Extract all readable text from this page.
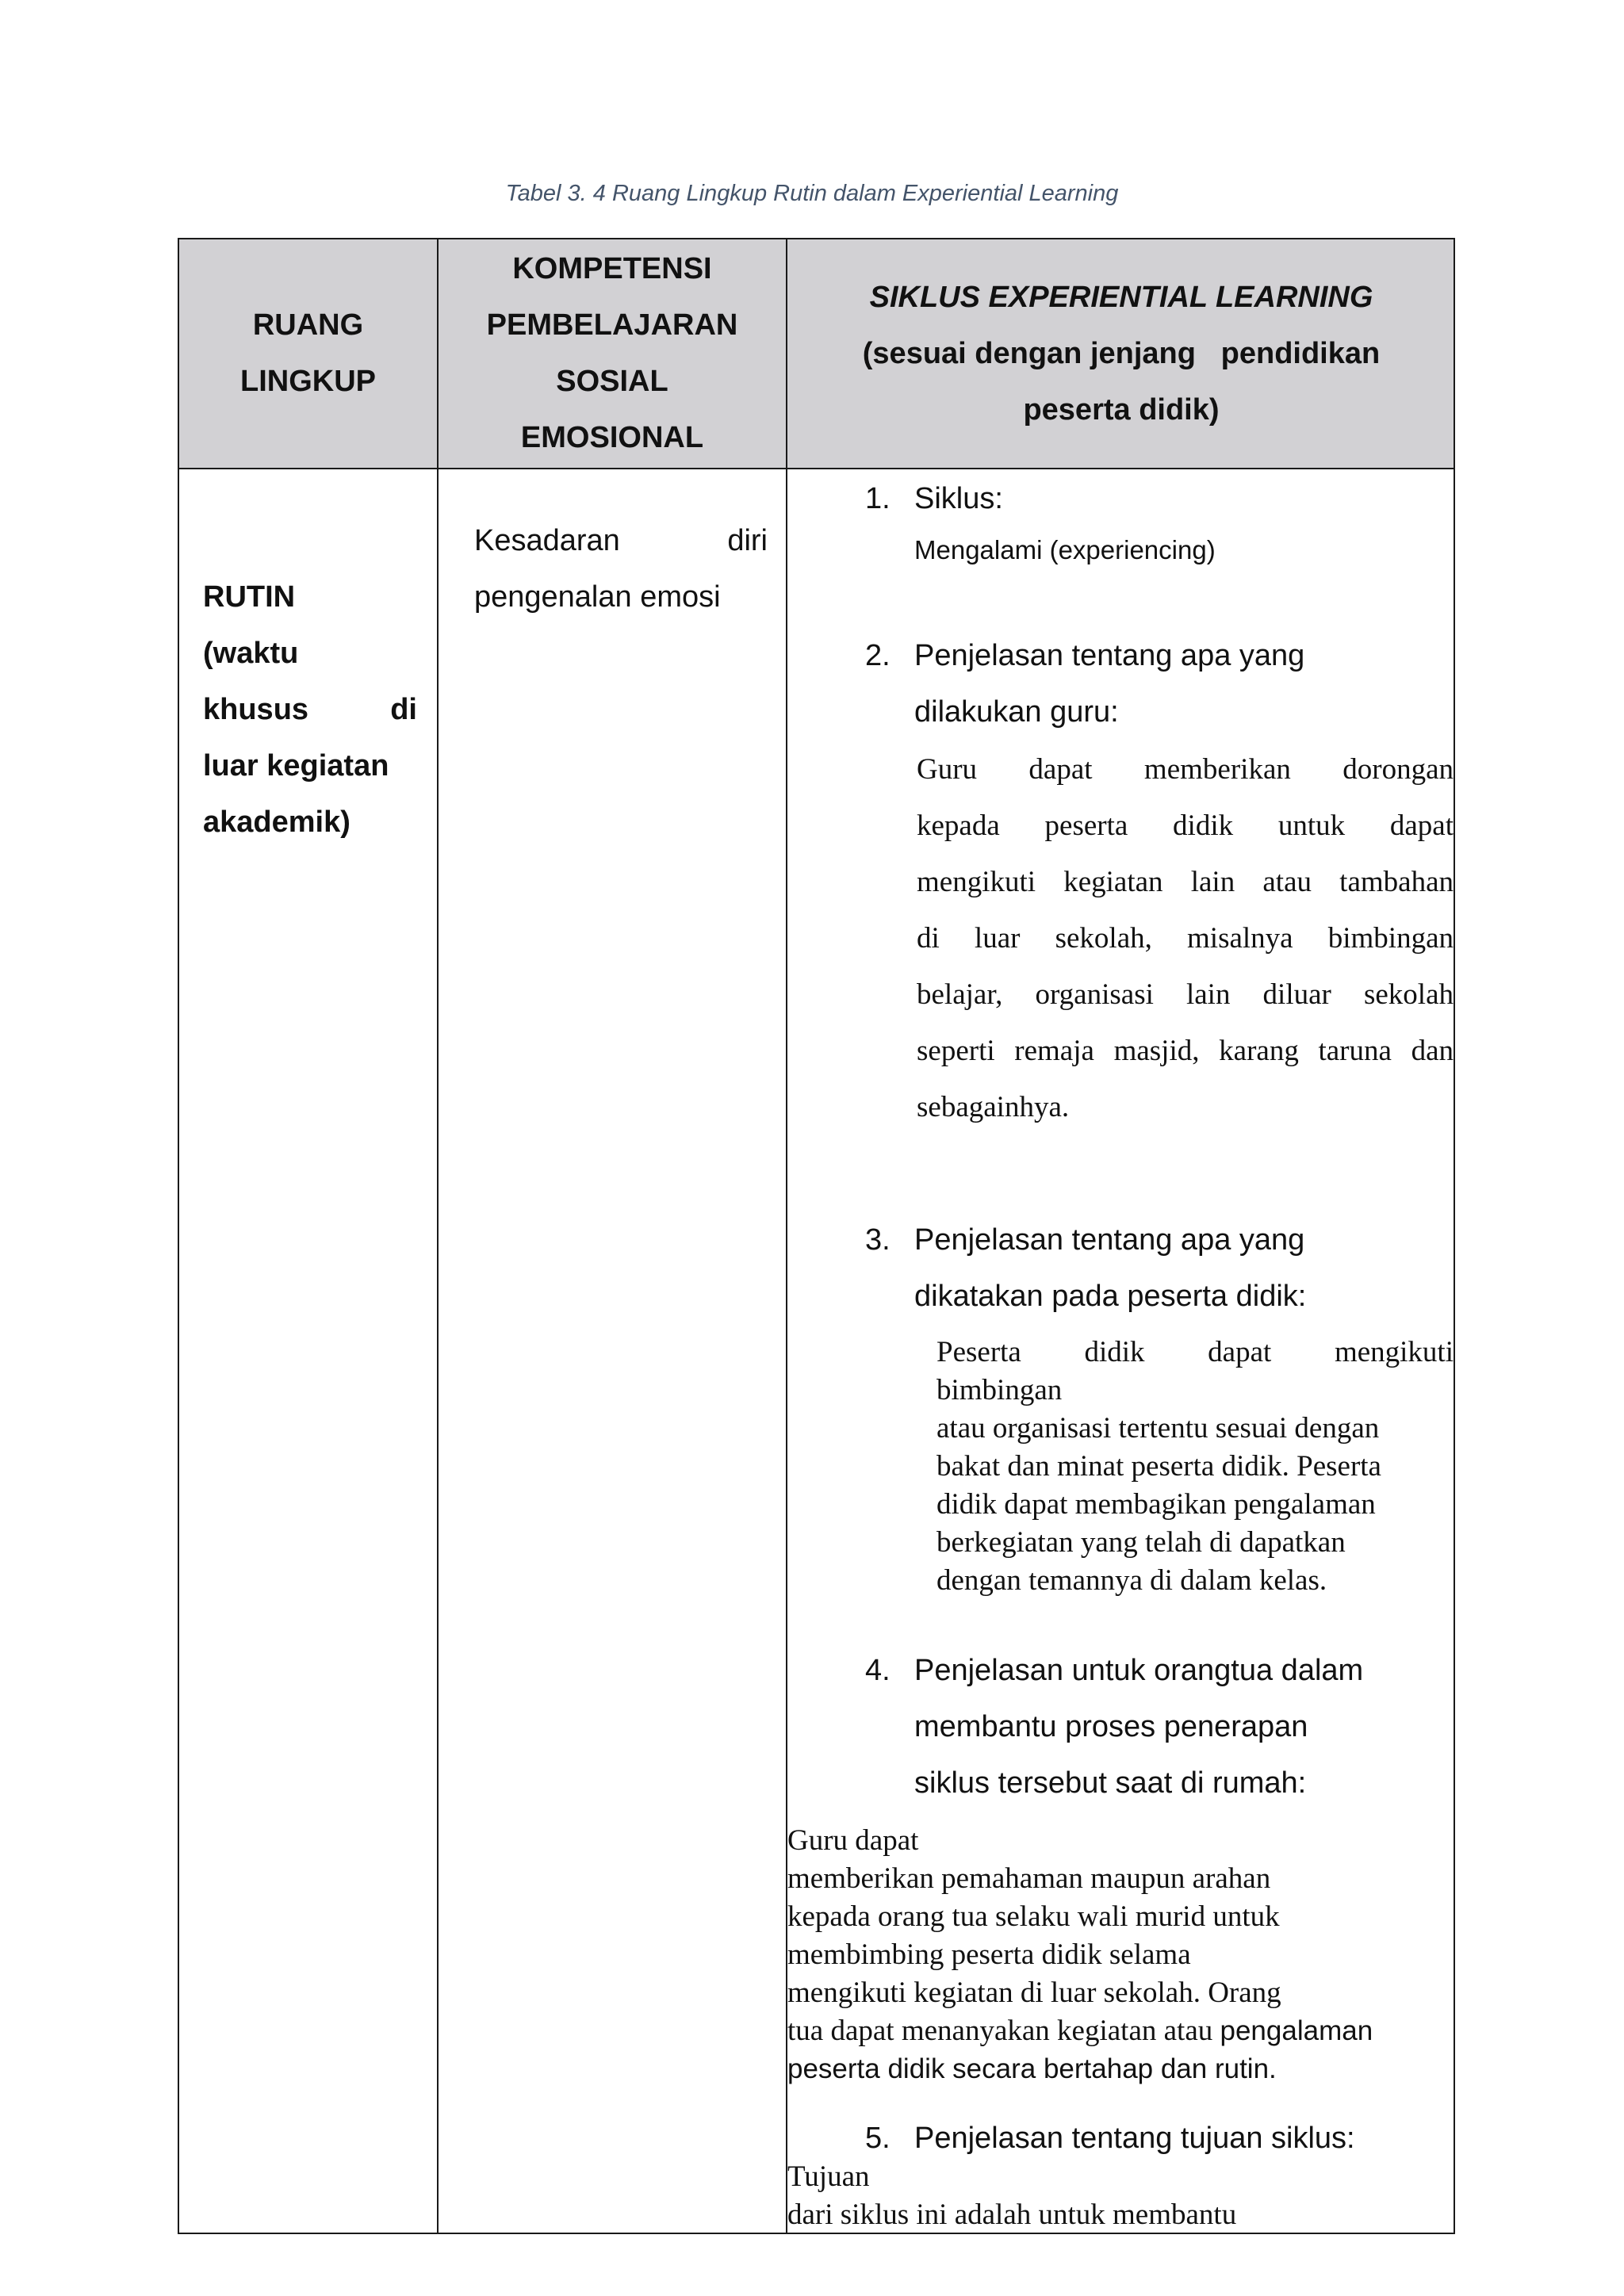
Tabel 3. 4 Ruang Lingkup Rutin dalam Experiential Learning
RUANG
LINGKUP
KOMPETENSI
PEMBELAJARAN
SOSIAL
EMOSIONAL
SIKLUS EXPERIENTIAL LEARNING
(sesuai dengan jenjang   pendidikan
peserta didik)
RUTIN
(waktu
khusus	di
luar kegiatan
akademik)
Kesadaran	diri
pengenalan emosi
1. Siklus:
Mengalami (experiencing)
2. Penjelasan tentang apa yang
dilakukan guru:
Guru dapat memberikan dorongan
kepada peserta didik untuk dapat
mengikuti kegiatan lain atau tambahan
di luar sekolah, misalnya bimbingan
belajar, organisasi lain diluar sekolah
seperti remaja masjid, karang taruna dan
sebagainhya.
3. Penjelasan tentang apa yang
dikatakan pada peserta didik:
Peserta didik dapat mengikuti
bimbingan
atau organisasi tertentu sesuai dengan
bakat dan minat peserta didik. Peserta
didik dapat membagikan pengalaman
berkegiatan yang telah di dapatkan
dengan temannya di dalam kelas.
4. Penjelasan untuk orangtua dalam
membantu proses penerapan
siklus tersebut saat di rumah:
Guru dapat
memberikan pemahaman maupun arahan
kepada orang tua selaku wali murid untuk
membimbing peserta didik selama
mengikuti kegiatan di luar sekolah. Orang
tua dapat menanyakan kegiatan atau pengalaman
peserta didik secara bertahap dan rutin.
5. Penjelasan tentang tujuan siklus:
Tujuan
dari siklus ini adalah untuk membantu
